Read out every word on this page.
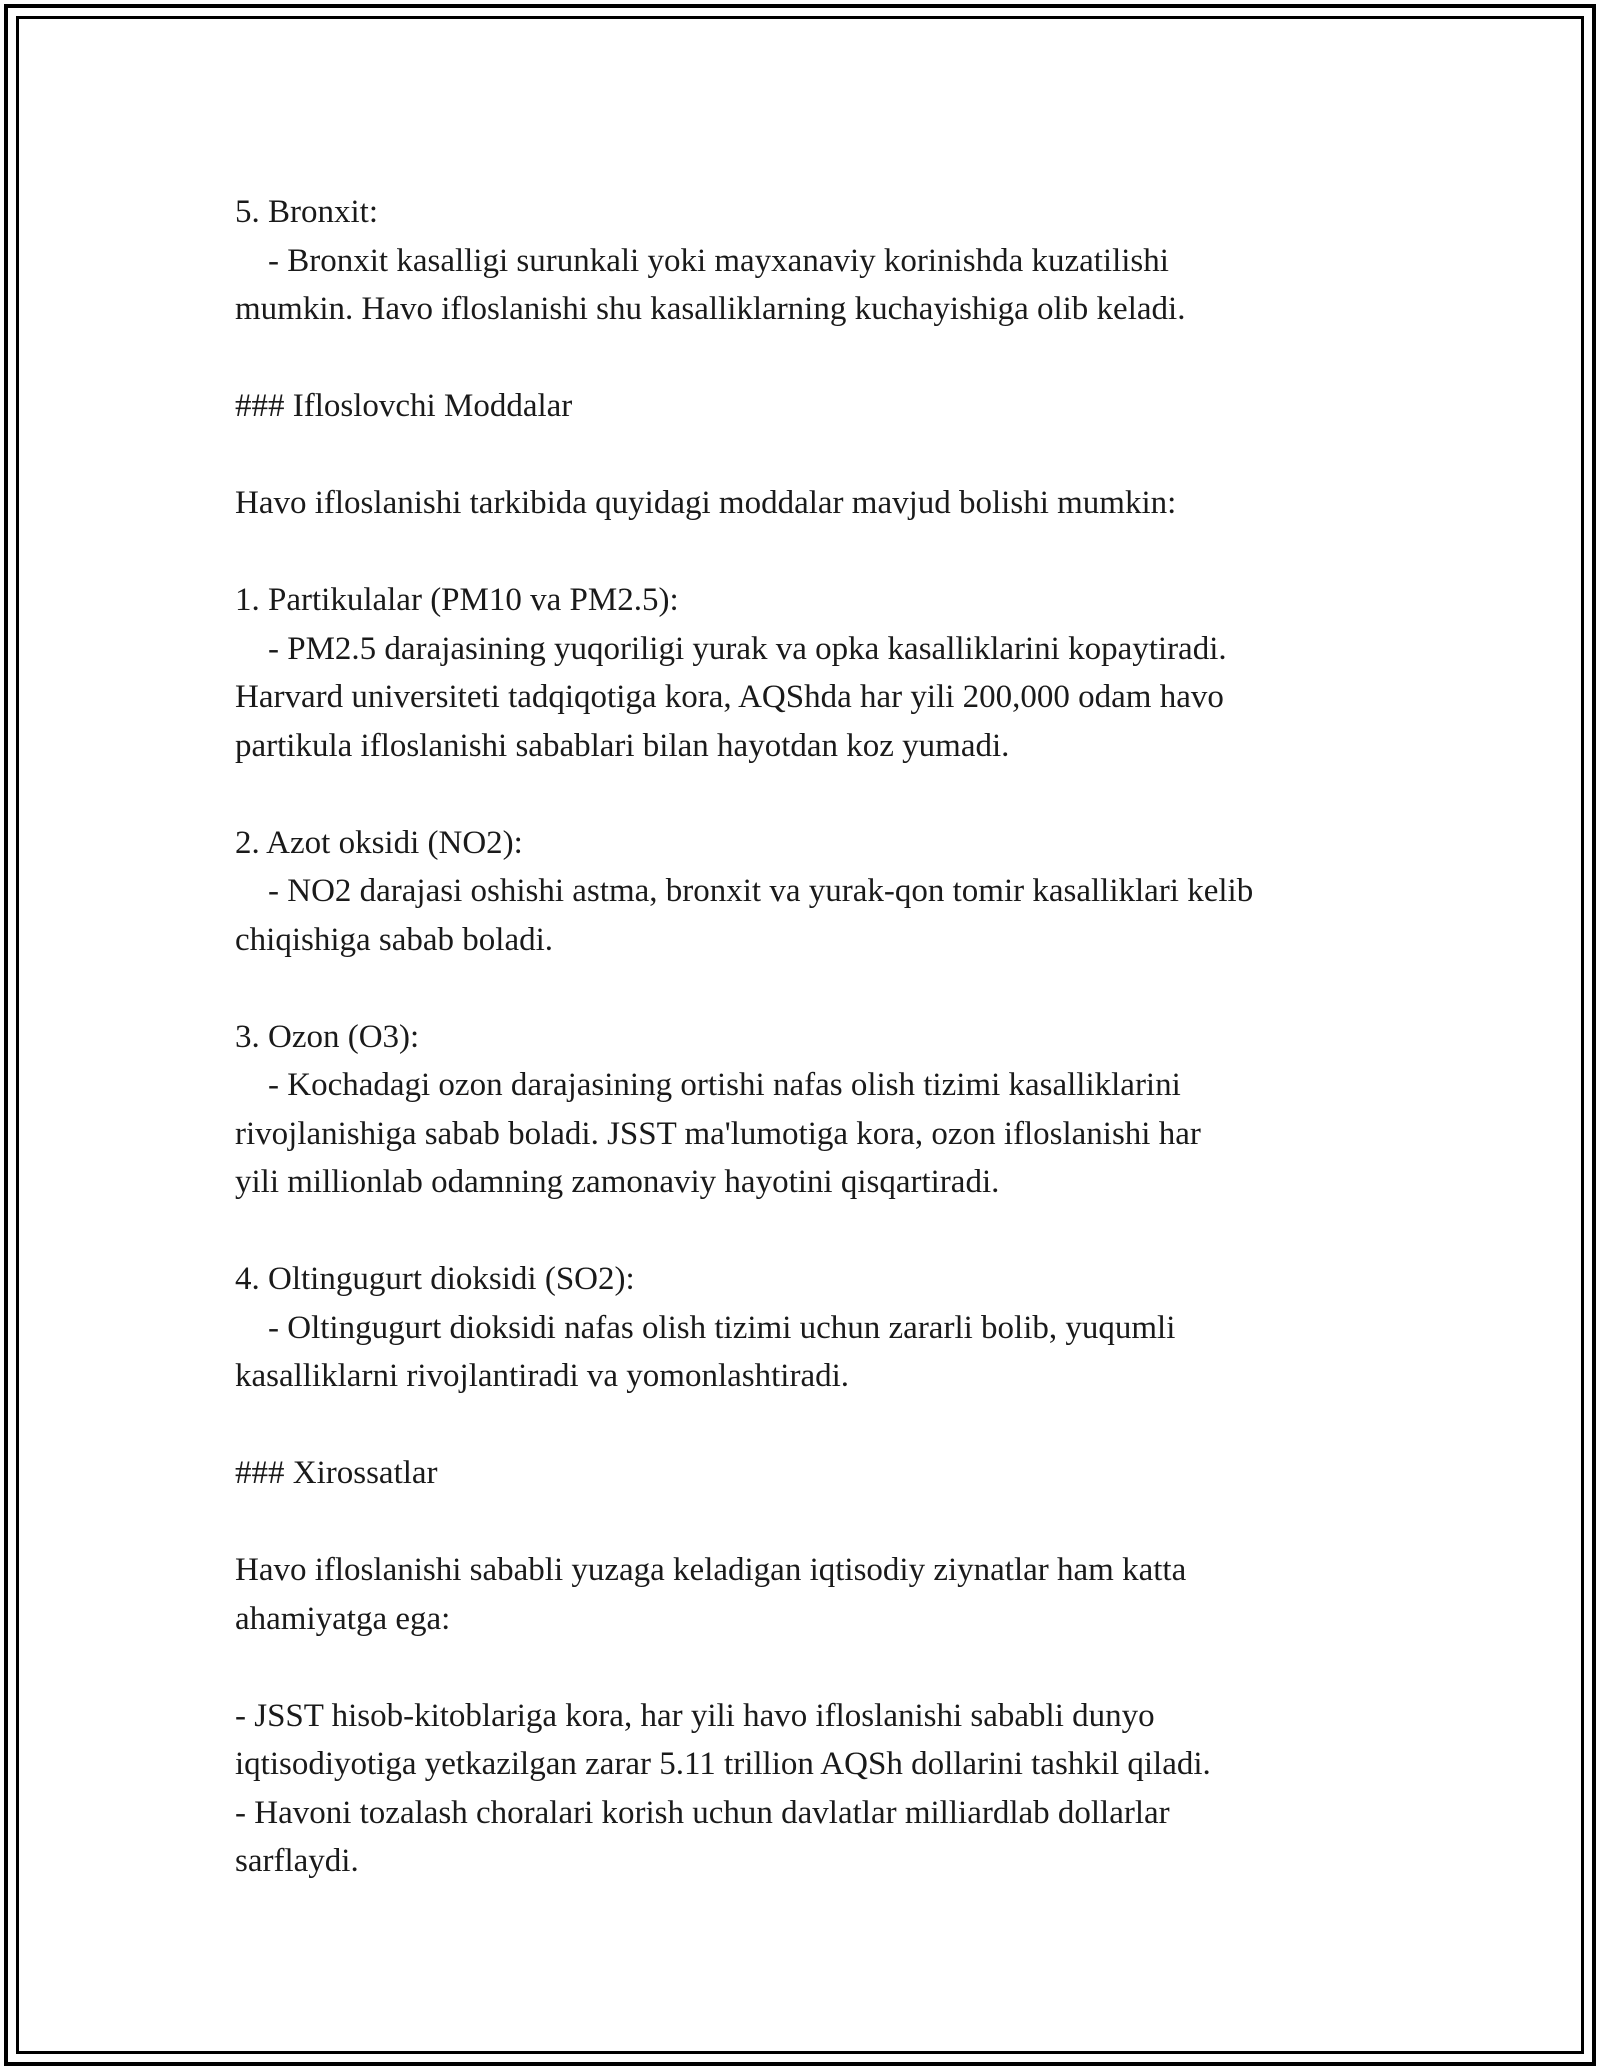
5. Bronxit:
- Bronxit kasalligi surunkali yoki mayxanaviy korinishda kuzatilishi
mumkin. Havo ifloslanishi shu kasalliklarning kuchayishiga olib keladi.
### Ifloslovchi Moddalar
Havo ifloslanishi tarkibida quyidagi moddalar mavjud bolishi mumkin:
1. Partikulalar (PM10 va PM2.5):
- PM2.5 darajasining yuqoriligi yurak va opka kasalliklarini kopaytiradi.
Harvard universiteti tadqiqotiga kora, AQShda har yili 200,000 odam havo
partikula ifloslanishi sabablari bilan hayotdan koz yumadi.
2. Azot oksidi (NO2):
- NO2 darajasi oshishi astma, bronxit va yurak-qon tomir kasalliklari kelib
chiqishiga sabab boladi.
3. Ozon (O3):
- Kochadagi ozon darajasining ortishi nafas olish tizimi kasalliklarini
rivojlanishiga sabab boladi. JSST ma'lumotiga kora, ozon ifloslanishi har
yili millionlab odamning zamonaviy hayotini qisqartiradi.
4. Oltingugurt dioksidi (SO2):
- Oltingugurt dioksidi nafas olish tizimi uchun zararli bolib, yuqumli
kasalliklarni rivojlantiradi va yomonlashtiradi.
### Xirossatlar
Havo ifloslanishi sababli yuzaga keladigan iqtisodiy ziynatlar ham katta
ahamiyatga ega:
- JSST hisob-kitoblariga kora, har yili havo ifloslanishi sababli dunyo
iqtisodiyotiga yetkazilgan zarar 5.11 trillion AQSh dollarini tashkil qiladi.
- Havoni tozalash choralari korish uchun davlatlar milliardlab dollarlar
sarflaydi.
